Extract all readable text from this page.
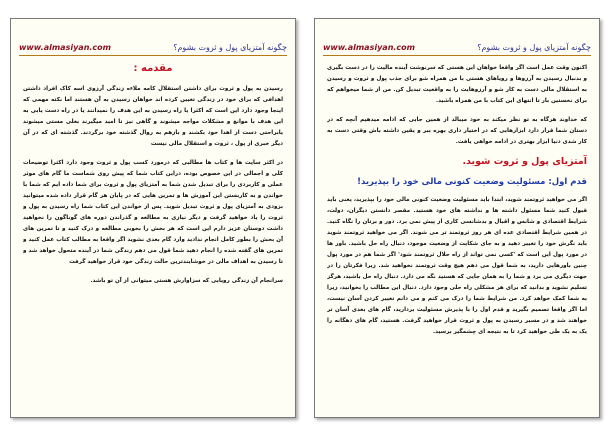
www.almasiyan.com	چگونه آمتزیای پول و ثروت بشوم؟
مقدمه :

رسیدن به پول و ثروت برای داشتن استقلال کامه ملاءه زندگی آرزوی اسه کاک افراد داشتن اهدافی که برای خود در زندگی تعیین کرده اند خواهان رسیدن به آن هستند اما نکته مهمی که اینجا وجود دارد این است که اکثرا یا راه رسیدن به این هدف را نمیدانند یا در راه دست یابی به این هدف با موانع و مشکلات مواجه میشوند و گاهی نیز تا امید میگیرند بعلی مستی میشوند یابراحتی دست از اهدا خود بکشند و بازهم به روال گذشته خود برگردند. گذشته ای که در آن دیگر خبری از پول ، ثروت و استقلال مالی نیست

در اکثر سایت ها و کتاب ها مطالبی که درمورد کسب پول و ثروت وجود دارد اکثرا توضیحات کلی و اجمالی در این خصوص بوده، دراین کتاب شما که پیش روی شماست ما گام های موثر عملی و کاربردی را برای تبدیل شدن شما به آمتزیای پول و ثروت برای شما داده ایم که شما با خواندن و به کاربستن این آموزش ها و تمرین هایی که در پایان هر گام قرار داده شده میتوانید بزودی به آمتزیای پول و ثروت تبدیل شوید. پس از خواندن این کتاب شما راه رسیدن به پول و ثروت را یاد خواهید گرفت و دیگر نیازی به مطالعه و گذراندن دوره های گوناگون را نخواهید داشت دوستان عزیز دارم این است که هر بخش را بخوبی مطالعه و درک کنید و تا تمرین های آن بخش را بطور کامل انجام ندادید وارد گام بعدی نشوید اگر واقعا به مطالب کتاب عمل کنید و تمرین های گفته شده را انجام دهید شما قول می دهم زندگی شما در آینده متحول خواهد شد و تا رسیدن به اهداف مالی در خوشایندترین حالت زندگی خود قرار خواهید گرفت

سرانجام آن زندگی رویایی که سزاوارش هستی میتوانی از آن تو باشد.

www.almasiyan.com	چگونه آمتزیای پول و ثروت بشوم؟

اکنون وقت عمل است اگر واقعا خواهان این هستی که سرنوشت آینده مالیت را در دست بگیری و بدنبال رسیدن به آرزوها و رویاهای هستی با من همراه شو برای جذب پول و ثروت و رسیدن به استقلال مالی دست به کار شو و آرزوهایت را به واقعیت تبدیل کن. من از شما میخواهم که برای نخستین بار تا انتهای این کتاب با من همراه باشید.

که خداوند هرگاه به تو نظر میکند به خود میبالد از همین جایی که ادامه میدهیم آنچه که در دستان شما قرار دارد ابزارهایی که در اختیار داری بهره ببر و یقین داشته باش وقتی دست به کار شدی دنیا ابزار بهتری در ادامه خواهی یافت.

آمتزیای پول و ثروت شوید.
قدم اول: مسئولیت وضعیت کنونی مالی خود را بپذیرید!

اگر می خواهید ثروتمند شوید، ابتدا باید مسئولیت وضعیت کنونی مالی خود را بپذیرید، یعنی باید قبول کنید شما مسئول داشته ها و نداشته های خود هستید. مقصر دانستن دیگران، دولت، شرایط اقتصادی و شانس و اقبال و بدشانسی کاری از پیش نمی برد. دور و برتان را نگاه کنید. در همین شرایط اقتصادی عده ای هر روز ثروتمند تر می شوند. اگر می خواهید ثروتمند شوید باید نگرش خود را تغییر دهید و به جای شکایت از وضعیت موجود، دنبال راه حل باشید. باور ها در مورد پول این است که 'کسی نمی تواند از راه حلال ثروتمند شود' اگر شما هم در مورد پول چنین باورهایی دارید، به شما قول می دهم هیچ وقت ثروتمند نخواهید شد. زیرا فکرتان را در جهت دیگری می برد و شما را به همان جایی که هستید نگه می دارد. دنبال راه حل باشید، هرگز تسلیم نشوید و بدانید که برای هر مشکلی راه حلی وجود دارد. دنبال این مطالب را بخوانید، زیرا به شما کمک خواهد کرد. من شرایط شما را درک می کنم و می دانم تغییر کردن آسان نیست، اما اگر واقعا تصمیم بگیرید و قدم اول را با پذیرش مسئولیت بردارید، گام های بعدی آسان تر خواهند شد و در مسیر رسیدن به پول و ثروت قرار خواهید گرفت. هستید، گام های دهگانه را یک به یک طی خواهید کرد تا به نتیجه ای چشمگیر برسید.
